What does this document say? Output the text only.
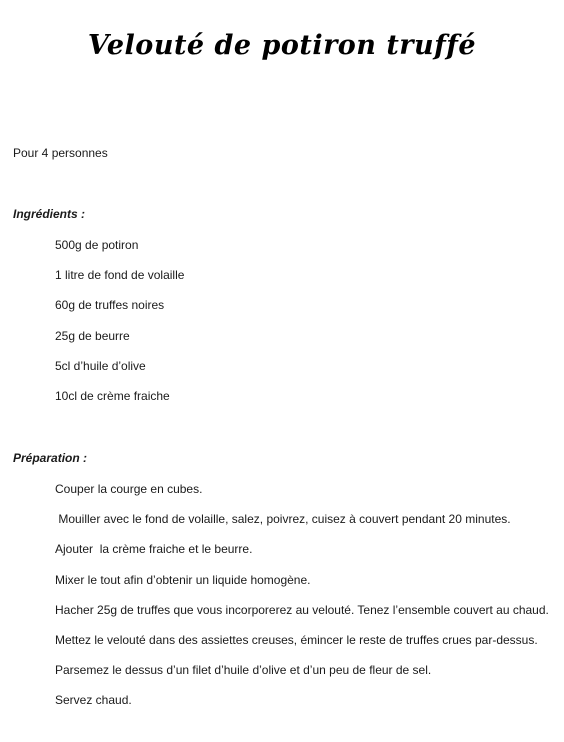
Velouté de potiron truffé
Pour 4 personnes
Ingrédients :
500g de potiron
1 litre de fond de volaille
60g de truffes noires
25g de beurre
5cl d’huile d’olive
10cl de crème fraiche
Préparation :
Couper la courge en cubes.
Mouiller avec le fond de volaille, salez, poivrez, cuisez à couvert pendant 20 minutes.
Ajouter  la crème fraiche et le beurre.
Mixer le tout afin d’obtenir un liquide homogène.
Hacher 25g de truffes que vous incorporerez au velouté. Tenez l’ensemble couvert au chaud.
Mettez le velouté dans des assiettes creuses, émincer le reste de truffes crues par-dessus.
Parsemez le dessus d’un filet d’huile d’olive et d’un peu de fleur de sel.
Servez chaud.
